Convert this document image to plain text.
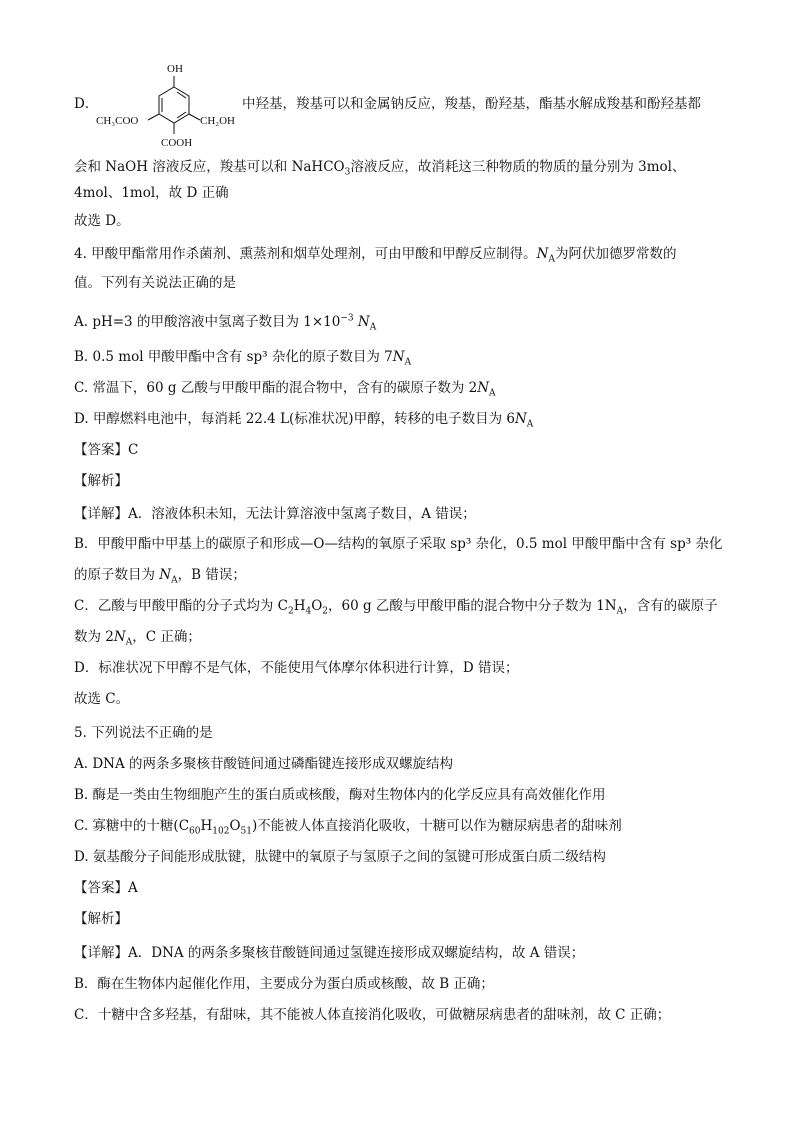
D．
OH
CH₃COO	CH₂OH
COOH
中羟基，羧基可以和金属钠反应，羧基，酚羟基，酯基水解成羧基和酚羟基都
会和 NaOH 溶液反应，羧基可以和 NaHCO$_3$溶液反应，故消耗这三种物质的物质的量分别为 3mol、
4mol、1mol，故 D 正确
故选 D。
4. 甲酸甲酯常用作杀菌剂、熏蒸剂和烟草处理剂，可由甲酸和甲醇反应制得。$N_A$为阿伏加德罗常数的
值。下列有关说法正确的是
A. pH=3 的甲酸溶液中氢离子数目为 $1\times 10^{-3}$ $N_A$
B. 0.5 mol 甲酸甲酯中含有 sp³ 杂化的原子数目为 $7N_A$
C. 常温下，60 g 乙酸与甲酸甲酯的混合物中，含有的碳原子数为 $2N_A$
D. 甲醇燃料电池中，每消耗 22.4 L(标准状况)甲醇，转移的电子数目为 $6N_A$
【答案】C
【解析】
【详解】A．溶液体积未知，无法计算溶液中氢离子数目，A 错误；
B．甲酸甲酯中甲基上的碳原子和形成—O—结构的氧原子采取 sp³ 杂化，0.5 mol 甲酸甲酯中含有 sp³ 杂化
的原子数目为 $N_A$，B 错误；
C．乙酸与甲酸甲酯的分子式均为 $C_2H_4O_2$，60 g 乙酸与甲酸甲酯的混合物中分子数为 $1N_A$，含有的碳原子
数为 $2N_A$，C 正确；
D．标准状况下甲醇不是气体，不能使用气体摩尔体积进行计算，D 错误；
故选 C。
5. 下列说法不正确的是
A. DNA 的两条多聚核苷酸链间通过磷酯键连接形成双螺旋结构
B. 酶是一类由生物细胞产生的蛋白质或核酸，酶对生物体内的化学反应具有高效催化作用
C. 寡糖中的十糖$(C_{60}H_{102}O_{51})$不能被人体直接消化吸收，十糖可以作为糖尿病患者的甜味剂
D. 氨基酸分子间能形成肽键，肽键中的氧原子与氢原子之间的氢键可形成蛋白质二级结构
【答案】A
【解析】
【详解】A．DNA 的两条多聚核苷酸链间通过氢键连接形成双螺旋结构，故 A 错误；
B．酶在生物体内起催化作用，主要成分为蛋白质或核酸，故 B 正确；
C．十糖中含多羟基，有甜味，其不能被人体直接消化吸收，可做糖尿病患者的甜味剂，故 C 正确；
